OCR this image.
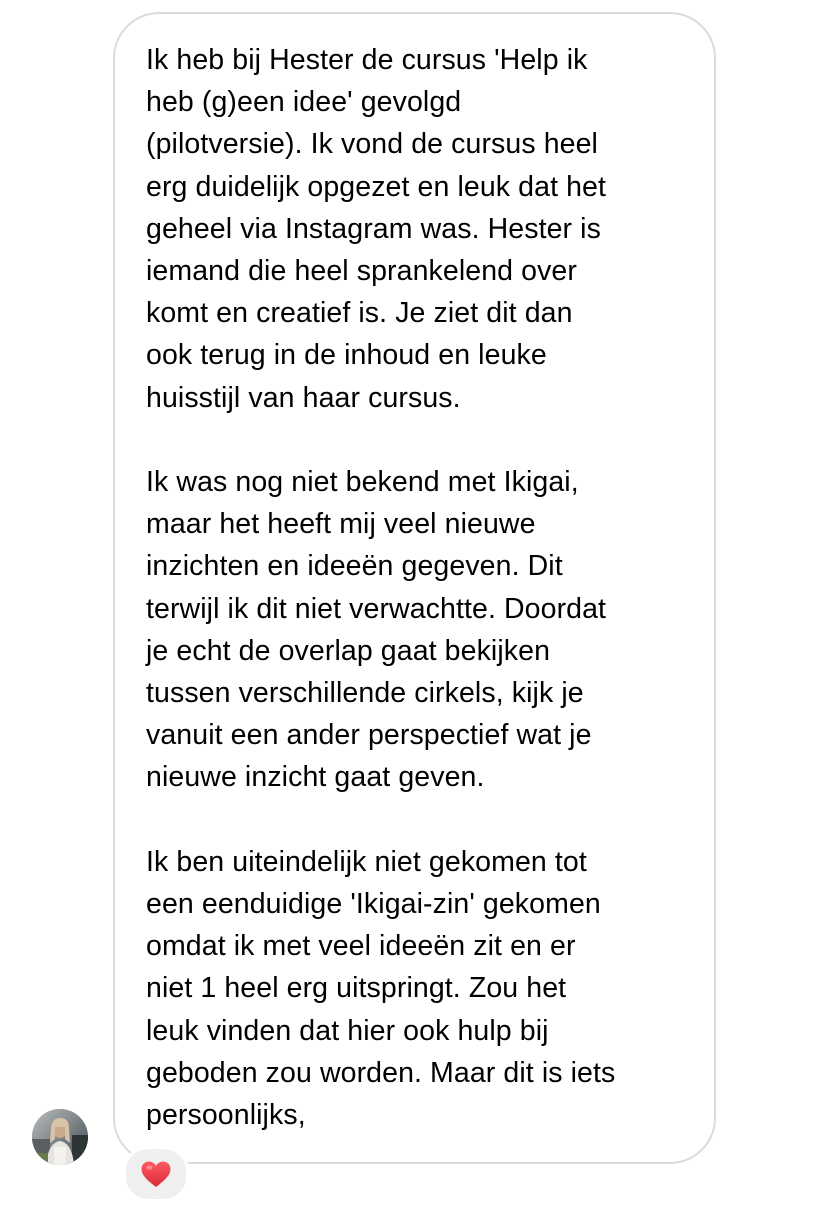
Ik heb bij Hester de cursus 'Help ik
heb (g)een idee' gevolgd
(pilotversie). Ik vond de cursus heel
erg duidelijk opgezet en leuk dat het
geheel via Instagram was. Hester is
iemand die heel sprankelend over
komt en creatief is. Je ziet dit dan
ook terug in de inhoud en leuke
huisstijl van haar cursus.

Ik was nog niet bekend met Ikigai,
maar het heeft mij veel nieuwe
inzichten en ideeën gegeven. Dit
terwijl ik dit niet verwachtte. Doordat
je echt de overlap gaat bekijken
tussen verschillende cirkels, kijk je
vanuit een ander perspectief wat je
nieuwe inzicht gaat geven.

Ik ben uiteindelijk niet gekomen tot
een eenduidige 'Ikigai-zin' gekomen
omdat ik met veel ideeën zit en er
niet 1 heel erg uitspringt. Zou het
leuk vinden dat hier ook hulp bij
geboden zou worden. Maar dit is iets
persoonlijks,
